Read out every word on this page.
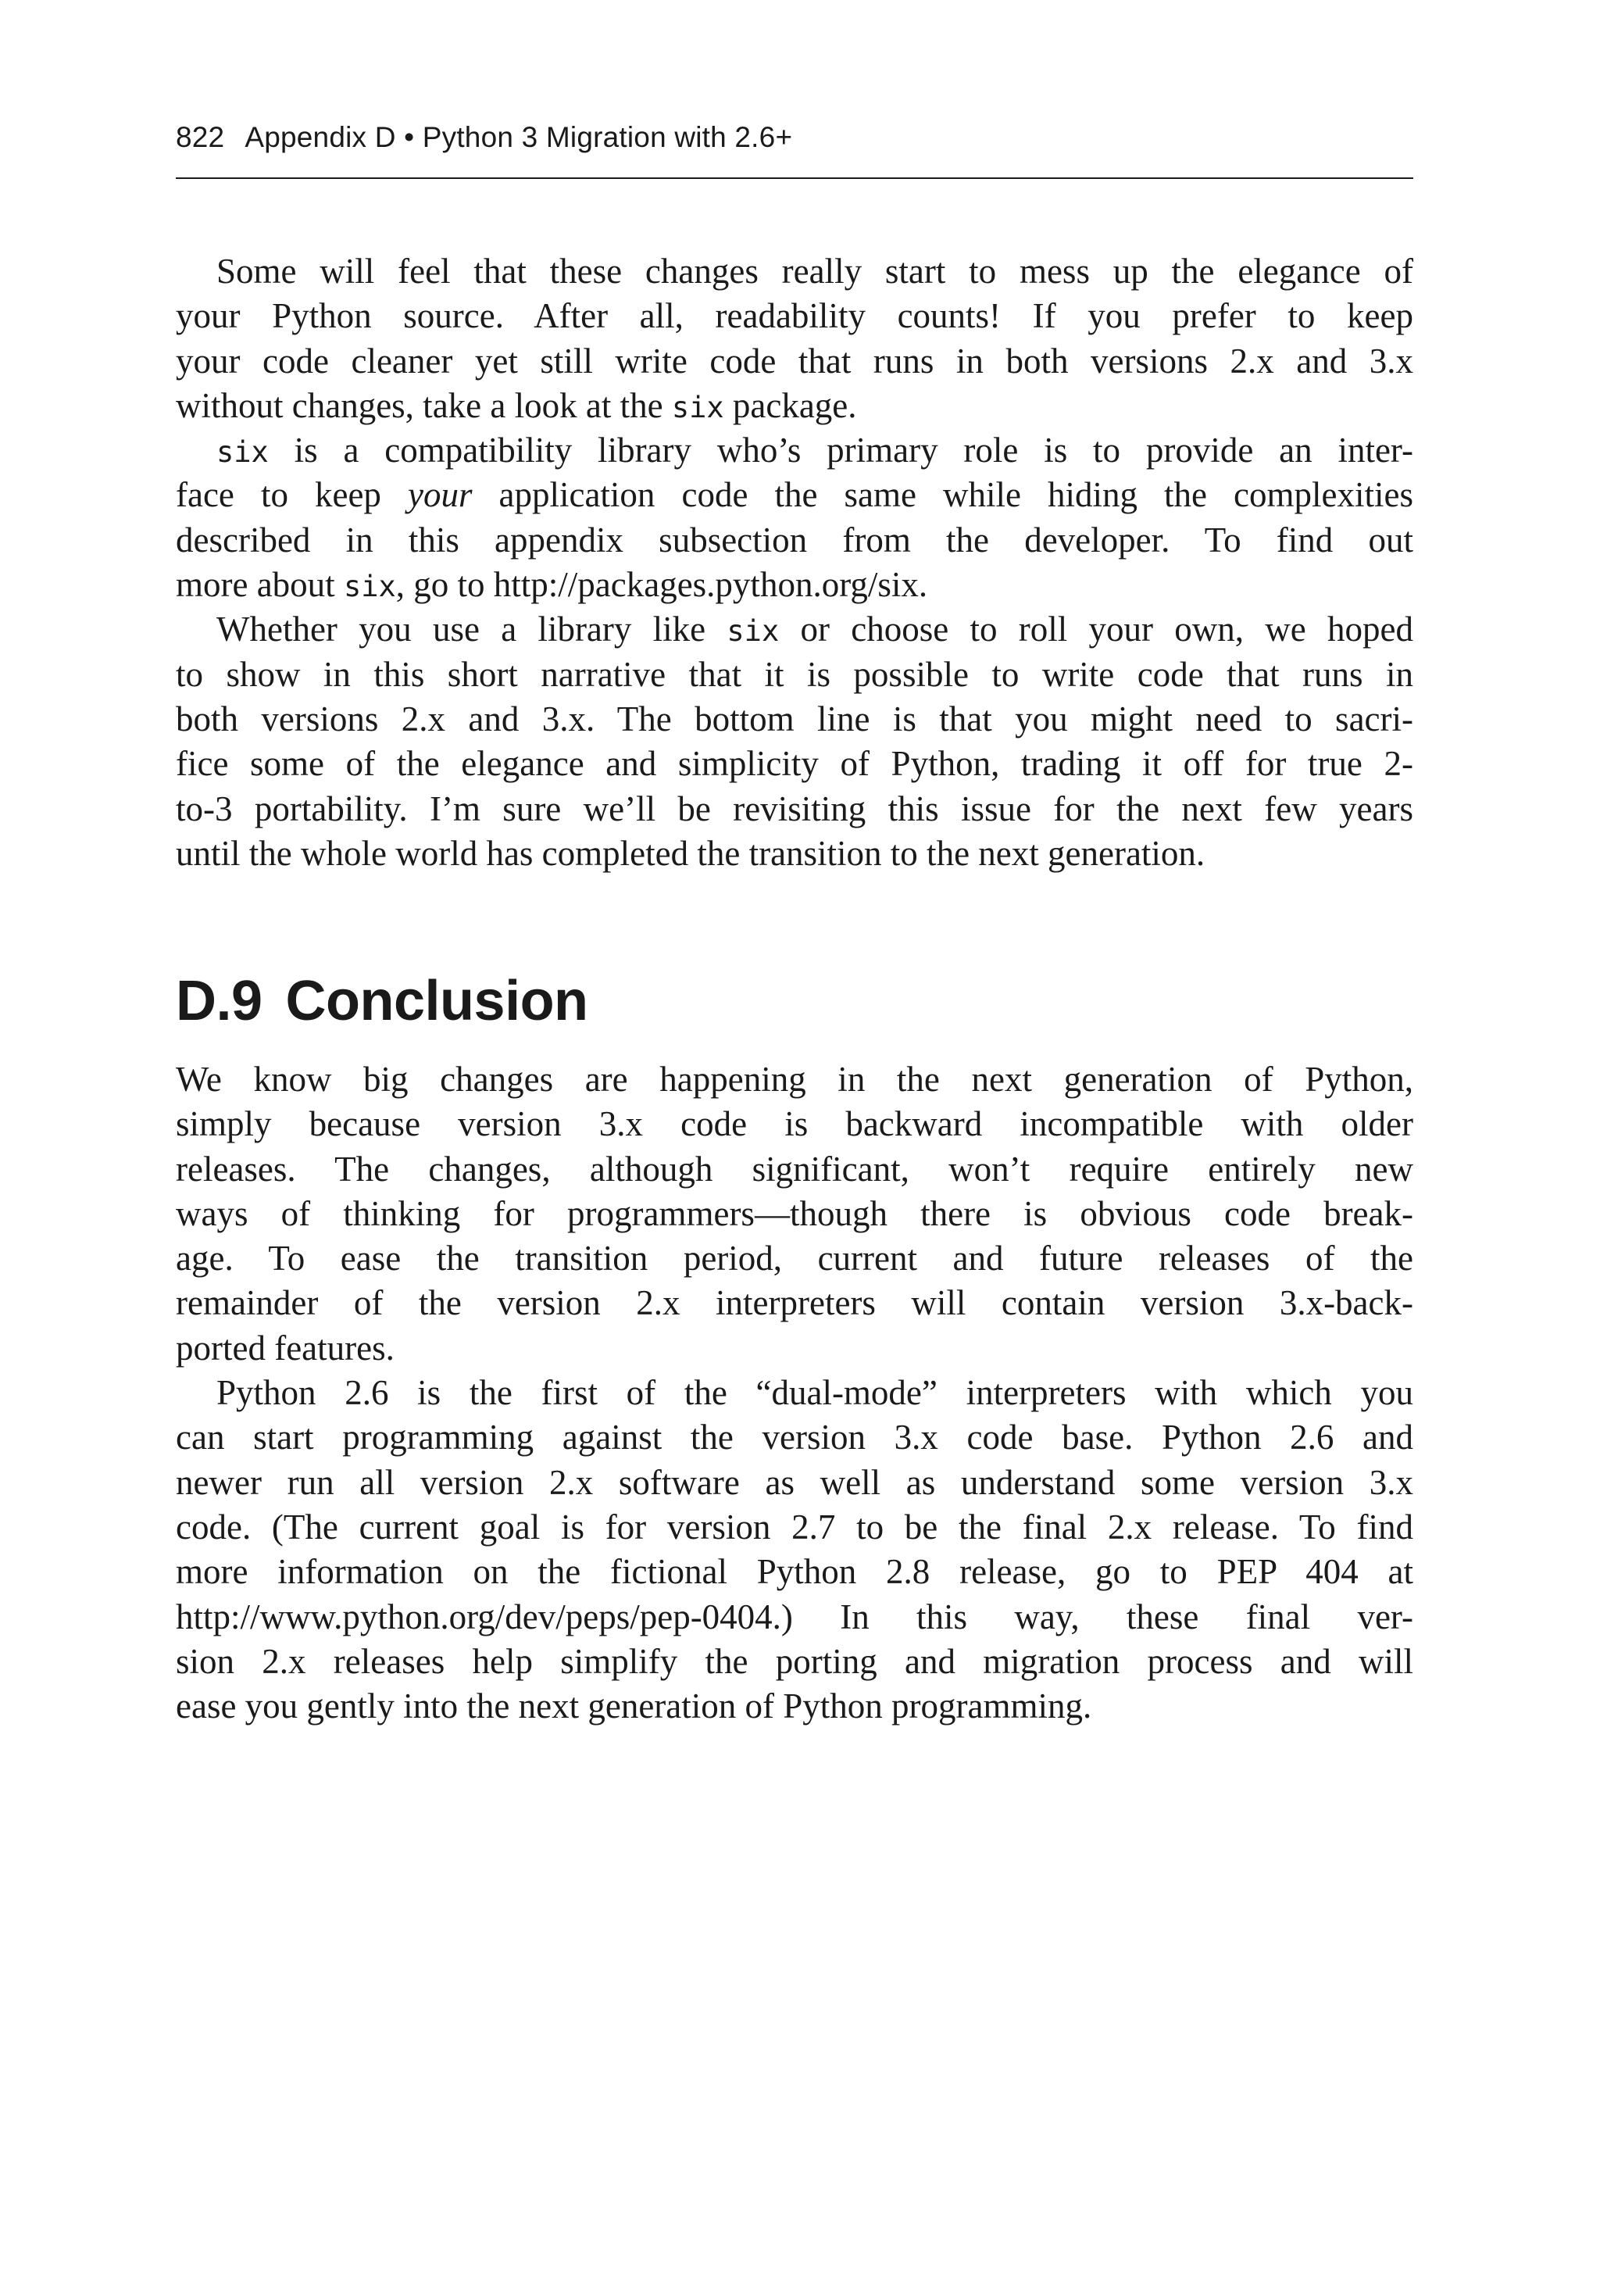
822 Appendix D • Python 3 Migration with 2.6+
Some will feel that these changes really start to mess up the elegance of
your Python source. After all, readability counts! If you prefer to keep
your code cleaner yet still write code that runs in both versions 2.x and 3.x
without changes, take a look at the six package.
six is a compatibility library who’s primary role is to provide an inter-
face to keep your application code the same while hiding the complexities
described in this appendix subsection from the developer. To find out
more about six, go to http://packages.python.org/six.
Whether you use a library like six or choose to roll your own, we hoped
to show in this short narrative that it is possible to write code that runs in
both versions 2.x and 3.x. The bottom line is that you might need to sacri-
fice some of the elegance and simplicity of Python, trading it off for true 2-
to-3 portability. I’m sure we’ll be revisiting this issue for the next few years
until the whole world has completed the transition to the next generation.
D.9 Conclusion
We know big changes are happening in the next generation of Python,
simply because version 3.x code is backward incompatible with older
releases. The changes, although significant, won’t require entirely new
ways of thinking for programmers—though there is obvious code break-
age. To ease the transition period, current and future releases of the
remainder of the version 2.x interpreters will contain version 3.x-back-
ported features.
Python 2.6 is the first of the “dual-mode” interpreters with which you
can start programming against the version 3.x code base. Python 2.6 and
newer run all version 2.x software as well as understand some version 3.x
code. (The current goal is for version 2.7 to be the final 2.x release. To find
more information on the fictional Python 2.8 release, go to PEP 404 at
http://www.python.org/dev/peps/pep-0404.) In this way, these final ver-
sion 2.x releases help simplify the porting and migration process and will
ease you gently into the next generation of Python programming.
